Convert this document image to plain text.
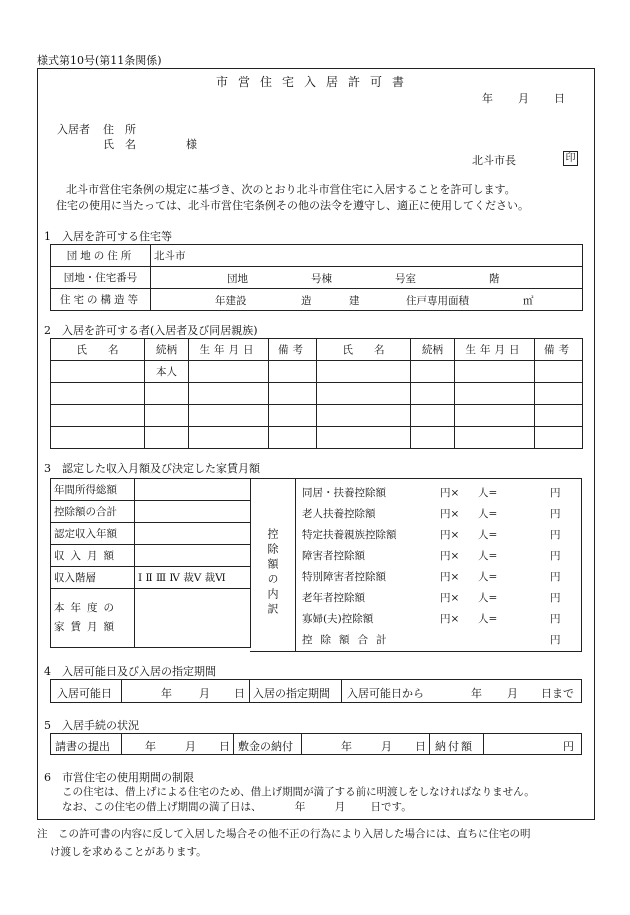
様式第10号(第11条関係)
市営住宅入居許可書
年 月 日
入居者 住　所
氏　名	様
北斗市長	印
北斗市営住宅条例の規定に基づき、次のとおり北斗市営住宅に入居することを許可します。
住宅の使用に当たっては、北斗市営住宅条例その他の法令を遵守し、適正に使用してください。
1　入居を許可する住宅等
団地の住所	北斗市
団地・住宅番号	団地 号棟 号室 階

住宅の構造等	年建設 造 建 住戸専用面積 ㎡
2　入居を許可する者(入居者及び同居親族)
氏　　名	続柄	生年月日	備考	氏　　名	続柄	生年月日	備考
	本人						

3　認定した収入月額及び決定した家賃月額
年間所得総額	
控除額の合計	
認定収入年額	
収入月額	
収入階層	Ⅰ Ⅱ Ⅲ Ⅳ 裁Ⅴ 裁Ⅵ

本年度の
家賃月額	

控除額の内訳
同居・扶養控除額	円× 人=	円
老人扶養控除額	円× 人=	円
特定扶養親族控除額	円× 人=	円
障害者控除額	円× 人=	円
特別障害者控除額	円× 人=	円
老年者控除額	円× 人=	円
寡婦(夫)控除額	円× 人=	円
控除額合計	円
4　入居可能日及び入居の指定期間
入居可能日	年 月 日 入居の指定期間 入居可能日から	年 月 日まで
5　入居手続の状況
請書の提出	年	月 日 敷金の納付	年	月 日 納付額	円
6　市営住宅の使用期間の制限
この住宅は、借上げによる住宅のため、借上げ期間が満了する前に明渡しをしなければなりません。
なお、この住宅の借上げ期間の満了日は、	年	月 日です。
注　この許可書の内容に反して入居した場合その他不正の行為により入居した場合には、直ちに住宅の明
け渡しを求めることがあります。
